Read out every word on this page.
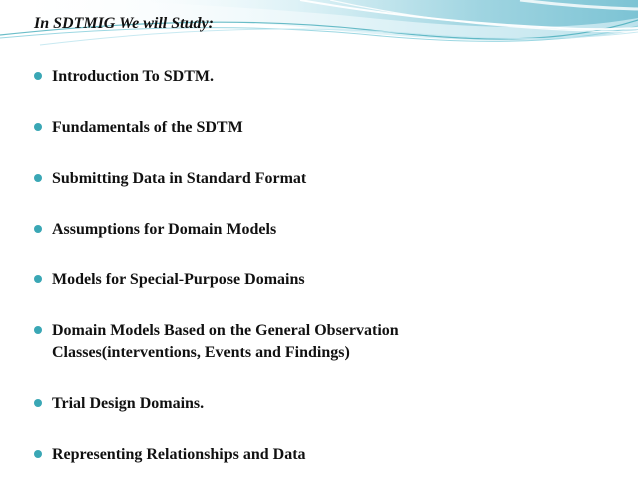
In SDTMIG We will Study:
Introduction To SDTM.
Fundamentals of the SDTM
Submitting Data in Standard Format
Assumptions for Domain Models
Models for Special-Purpose Domains
Domain Models Based on the General Observation
Classes(interventions, Events and Findings)
Trial Design Domains.
Representing Relationships and Data
